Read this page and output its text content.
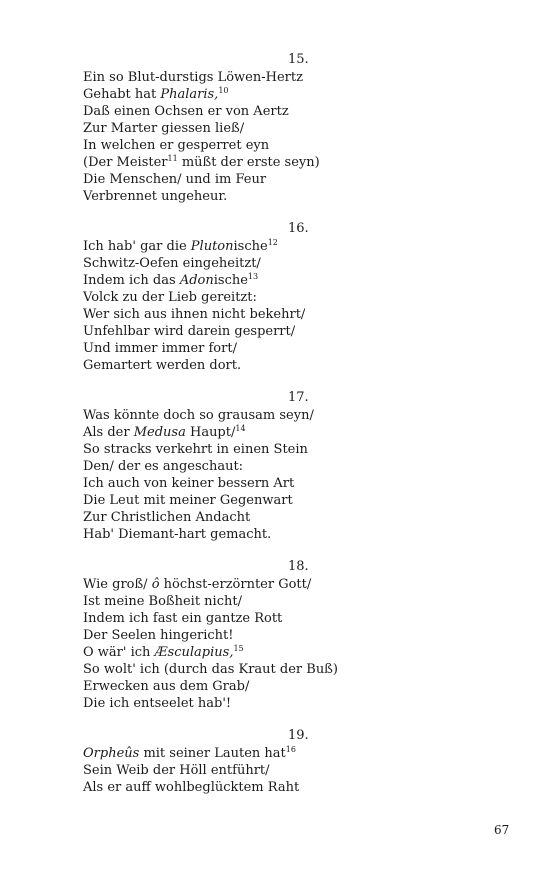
15.

Ein so Blut-durstigs Löwen-Hertz

Gehabt hat Phalaris,$^{10}$

Daß einen Ochsen er von Aertz

Zur Marter giessen ließ/

In welchen er gesperret eyn

(Der Meister$^{11}$ müßt der erste seyn)

Die Menschen/ und im Feur

Verbrennet ungeheur.

16.

Ich hab' gar die Plutonische$^{12}$

Schwitz-Oefen eingeheitzt/

Indem ich das Adonische$^{13}$

Volck zu der Lieb gereitzt:

Wer sich aus ihnen nicht bekehrt/

Unfehlbar wird darein gesperrt/

Und immer immer fort/

Gemartert werden dort.

17.

Was könnte doch so grausam seyn/

Als der Medusa Haupt/$^{14}$

So stracks verkehrt in einen Stein

Den/ der es angeschaut:

Ich auch von keiner bessern Art

Die Leut mit meiner Gegenwart

Zur Christlichen Andacht

Hab' Diemant-hart gemacht.

18.

Wie groß/ ô höchst-erzörnter Gott/

Ist meine Boßheit nicht/

Indem ich fast ein gantze Rott

Der Seelen hingericht!

O wär' ich Æsculapius,$^{15}$

So wolt' ich (durch das Kraut der Buß)

Erwecken aus dem Grab/

Die ich entseelet hab'!

19.

Orpheûs mit seiner Lauten hat$^{16}$

Sein Weib der Höll entführt/

Als er auff wohlbeglücktem Raht

67
